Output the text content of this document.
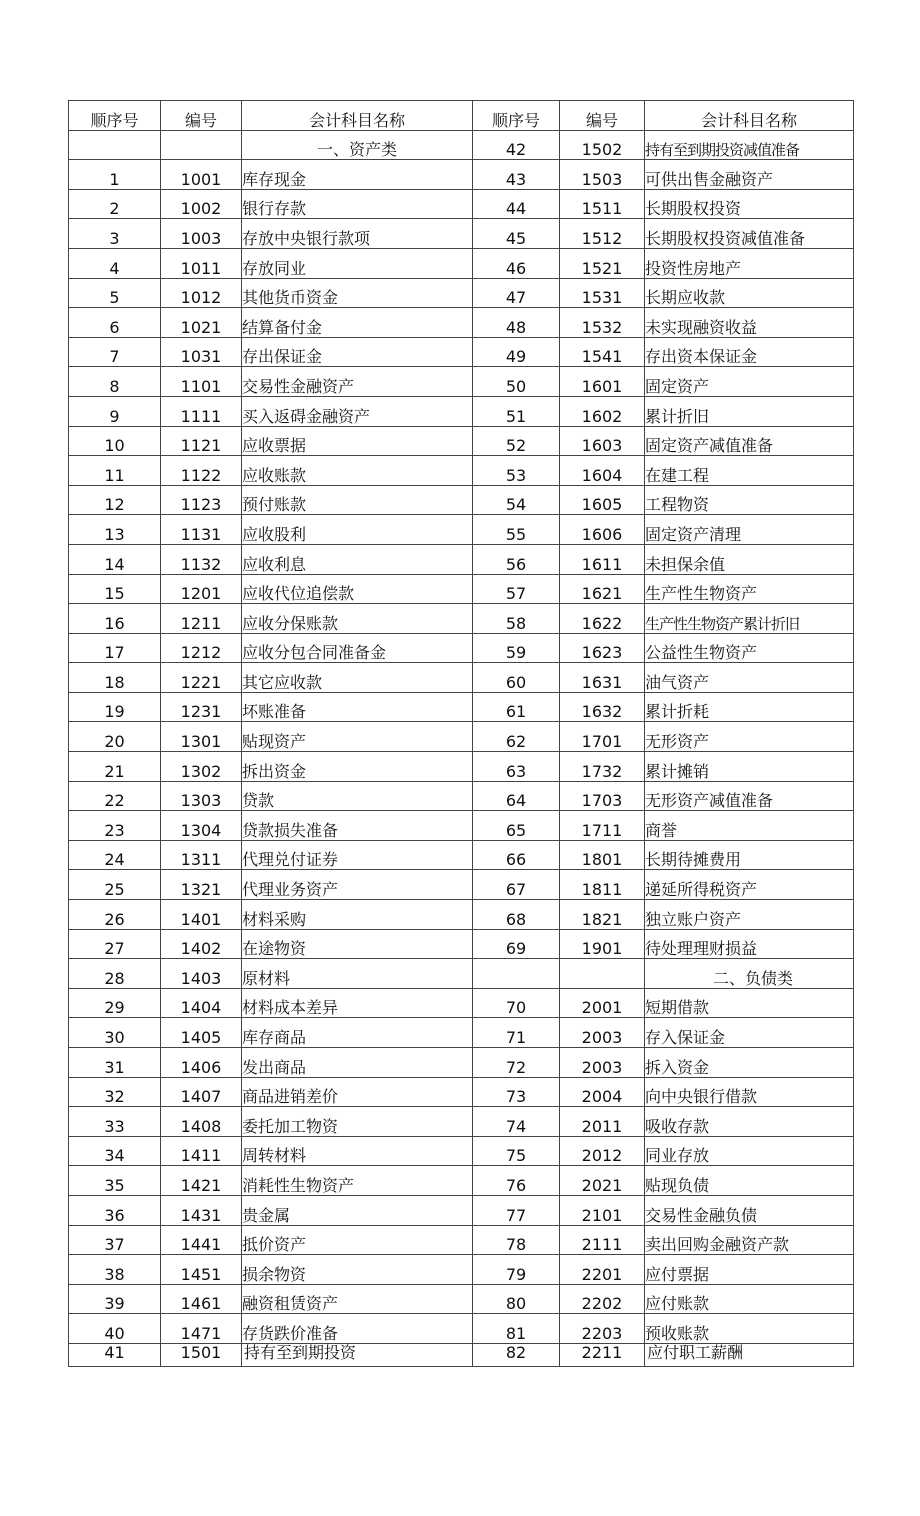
顺序号	编号	会计科目名称	顺序号	编号	会计科目名称
		一、资产类	42	1502	持有至到期投资减值准备
1	1001	库存现金	43	1503	可供出售金融资产
2	1002	银行存款	44	1511	长期股权投资
3	1003	存放中央银行款项	45	1512	长期股权投资减值准备
4	1011	存放同业	46	1521	投资性房地产
5	1012	其他货币资金	47	1531	长期应收款
6	1021	结算备付金	48	1532	未实现融资收益
7	1031	存出保证金	49	1541	存出资本保证金
8	1101	交易性金融资产	50	1601	固定资产
9	1111	买入返碍金融资产	51	1602	累计折旧
10	1121	应收票据	52	1603	固定资产减值准备
11	1122	应收账款	53	1604	在建工程
12	1123	预付账款	54	1605	工程物资
13	1131	应收股利	55	1606	固定资产清理
14	1132	应收利息	56	1611	未担保余值
15	1201	应收代位追偿款	57	1621	生产性生物资产
16	1211	应收分保账款	58	1622	生产性生物资产累计折旧
17	1212	应收分包合同准备金	59	1623	公益性生物资产
18	1221	其它应收款	60	1631	油气资产
19	1231	坏账准备	61	1632	累计折耗
20	1301	贴现资产	62	1701	无形资产
21	1302	拆出资金	63	1732	累计摊销
22	1303	贷款	64	1703	无形资产减值准备
23	1304	贷款损失准备	65	1711	商誉
24	1311	代理兑付证券	66	1801	长期待摊费用
25	1321	代理业务资产	67	1811	递延所得税资产
26	1401	材料采购	68	1821	独立账户资产
27	1402	在途物资	69	1901	待处理理财损益
28	1403	原材料			二、负债类
29	1404	材料成本差异	70	2001	短期借款
30	1405	库存商品	71	2003	存入保证金
31	1406	发出商品	72	2003	拆入资金
32	1407	商品进销差价	73	2004	向中央银行借款
33	1408	委托加工物资	74	2011	吸收存款
34	1411	周转材料	75	2012	同业存放
35	1421	消耗性生物资产	76	2021	贴现负债
36	1431	贵金属	77	2101	交易性金融负债
37	1441	抵价资产	78	2111	卖出回购金融资产款
38	1451	损余物资	79	2201	应付票据
39	1461	融资租赁资产	80	2202	应付账款
40	1471	存货跌价准备	81	2203	预收账款
41	1501	持有至到期投资	82	2211	应付职工薪酬
